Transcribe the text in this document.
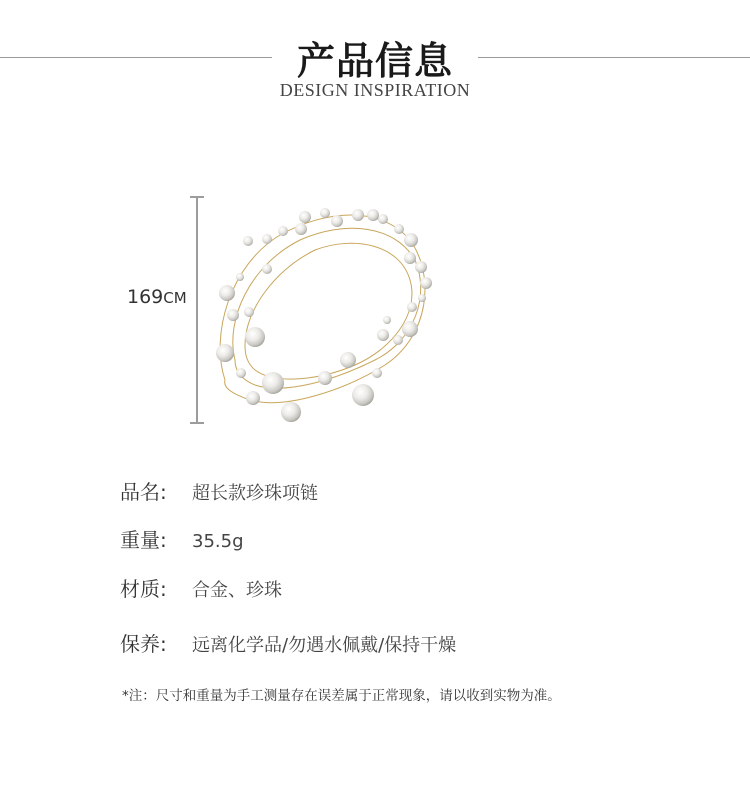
产品信息
DESIGN INSPIRATION
169CM
品名: 超长款珍珠项链
重量: 35.5g
材质: 合金、珍珠
保养: 远离化学品/勿遇水佩戴/保持干燥
*注：尺寸和重量为手工测量存在误差属于正常现象，请以收到实物为准。
